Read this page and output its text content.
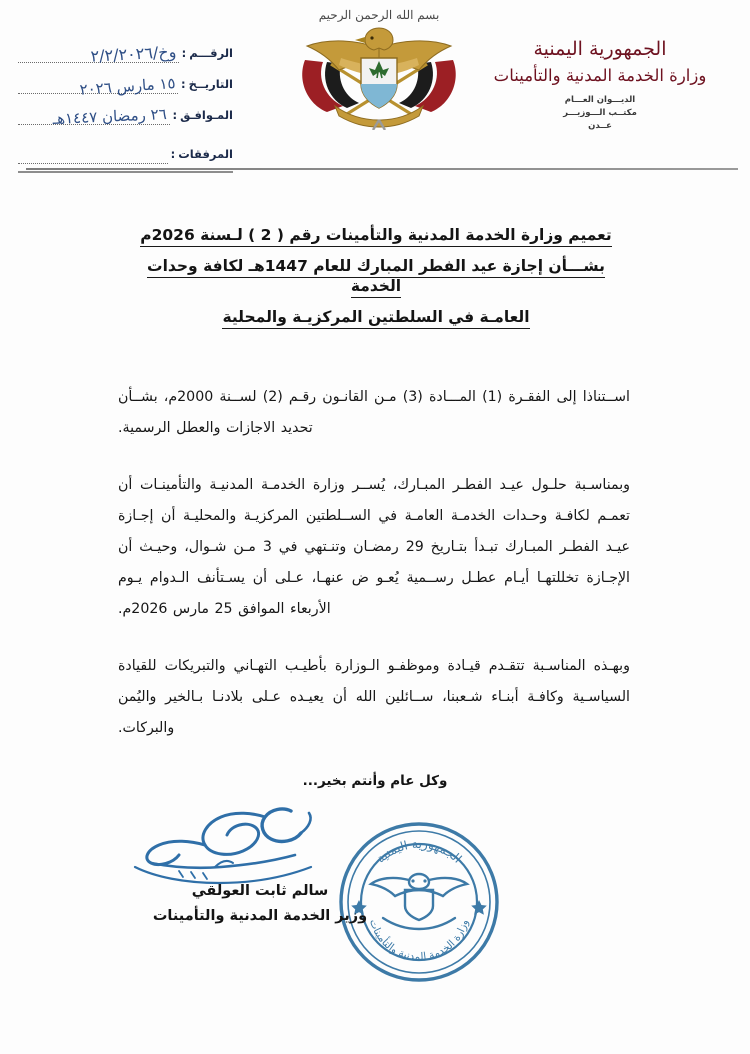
الرقـــم
:
وخ/٢/٢/٢٠٢٦
التاريــخ
:
١٥ مارس ٢٠٢٦
المـوافـق
:
٢٦ رمضان ١٤٤٧هـ
المرفقات
:
بسم الله الرحمن الرحيم
الجمهورية اليمنية
وزارة الخدمة المدنية والتأمينات
الديـــوان العـــام
مكتــب الـــوزيـــر
عــدن
تعميم وزارة الخدمة المدنية والتأمينات رقم ( 2 ) لـسنة 2026م
بشـــأن إجازة عيد الفطر المبارك للعام 1447هـ لكافة وحدات الخدمة
العامـة في السلطتين المركزيـة والمحلية

اســتناذا إلى الفقـرة (1) المـــادة (3) مـن القانـون رقـم (2) لســنة 2000م، بشــأن تحديد الاجازات والعطل الرسمية.

وبمناسـبة حلـول عيـد الفطـر المبـارك، يُســر وزارة الخدمـة المدنيـة والتأمينـات أن تعمـم لكافـة وحـدات الخدمـة العامـة في الســلطتين المركزيـة والمحليـة أن إجـازة عيـد الفطـر المبـارك تبـدأ بتـاريخ 29 رمضـان وتنـتهي في 3 مـن شـوال، وحيـث أن الإجـازة تخللتهـا أيـام عطـل رســمية يُعـو ض عنهـا، عـلى أن يسـتأنف الـدوام يـوم الأربعاء الموافق 25 مارس 2026م.

وبهـذه المناسـبة تتقـدم قيـادة وموظفـو الـوزارة بأطيـب التهـاني والتبريكات للقيادة السياسـية وكافـة أبنـاء شـعبنا، ســائلين الله أن يعيـده عـلى بلادنـا بـالخير واليُمن والبركات.

وكل عام وأنتم بخير...
الجمهورية اليمنية
وزارة الخدمة المدنية والتأمينات
سالم ثابت العولقي
وزير الخدمة المدنية والتأمينات
